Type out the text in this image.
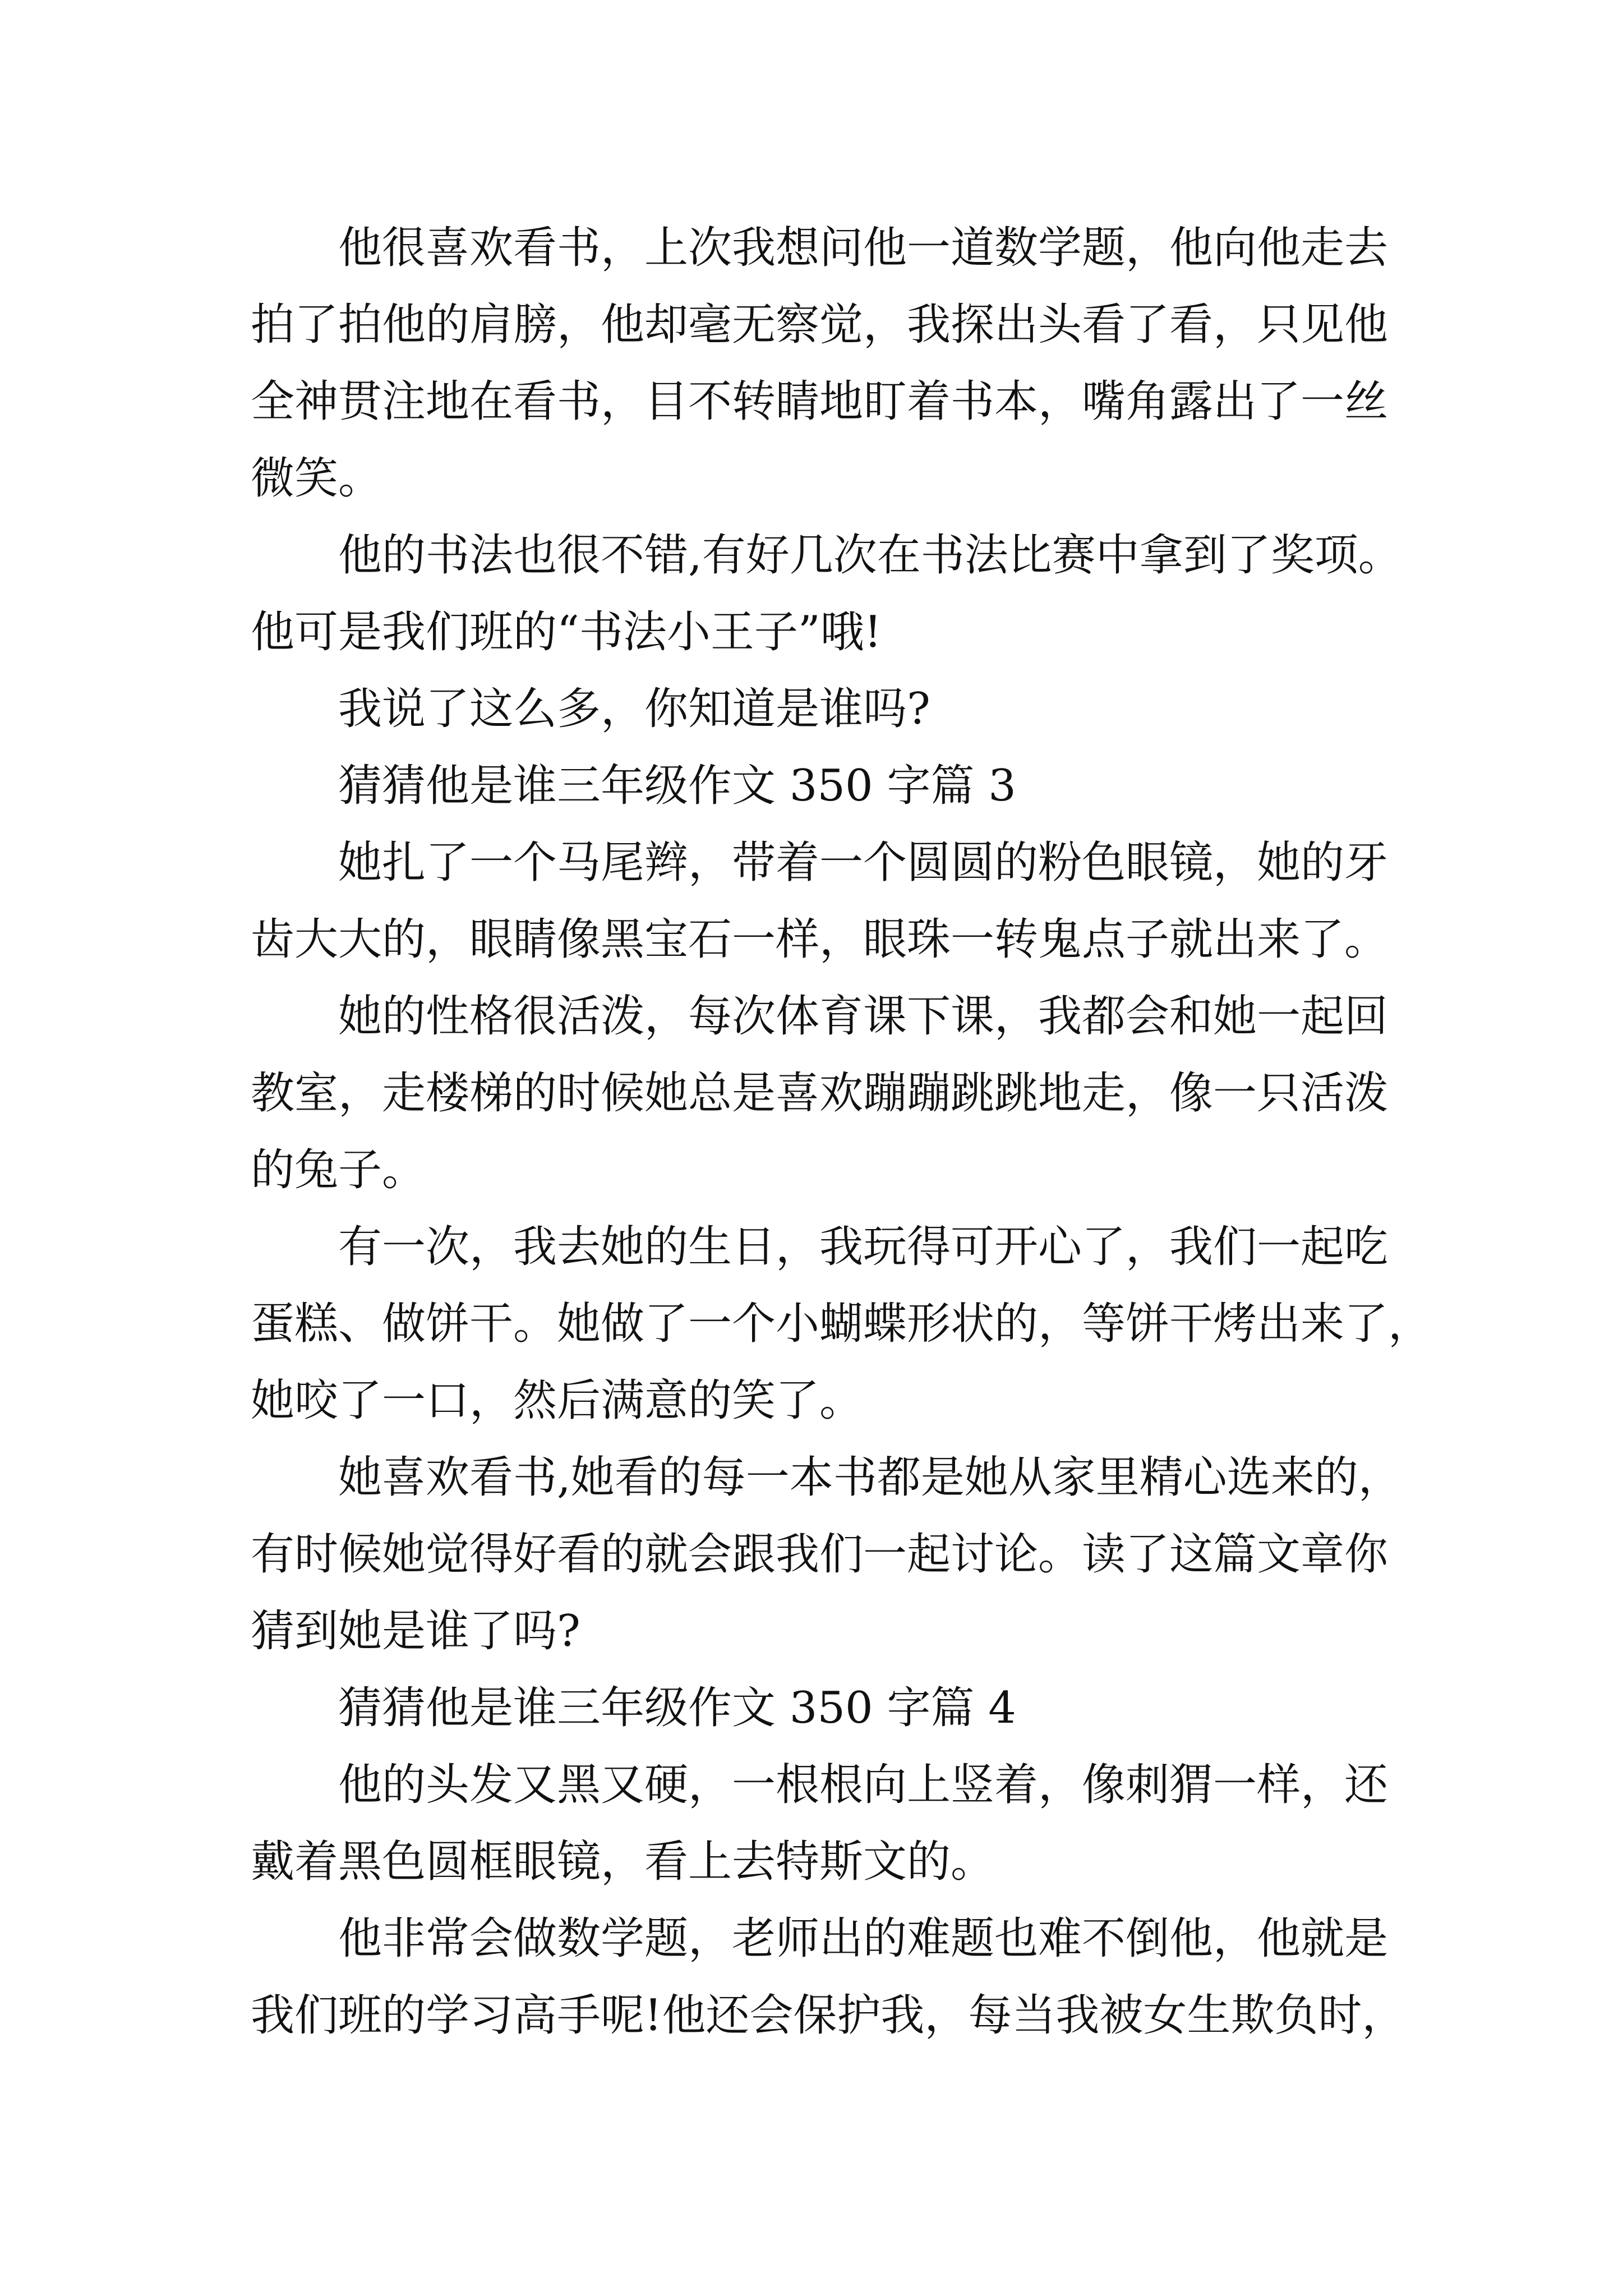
他很喜欢看书，上次我想问他一道数学题，他向他走去
拍了拍他的肩膀，他却毫无察觉，我探出头看了看，只见他
全神贯注地在看书，目不转睛地盯着书本，嘴角露出了一丝
微笑。
他的书法也很不错,有好几次在书法比赛中拿到了奖项。
他可是我们班的“书法小王子”哦!
我说了这么多，你知道是谁吗?
猜猜他是谁三年级作文 350 字篇 3
她扎了一个马尾辫，带着一个圆圆的粉色眼镜，她的牙
齿大大的，眼睛像黑宝石一样，眼珠一转鬼点子就出来了。
她的性格很活泼，每次体育课下课，我都会和她一起回
教室，走楼梯的时候她总是喜欢蹦蹦跳跳地走，像一只活泼
的兔子。
有一次，我去她的生日，我玩得可开心了，我们一起吃
蛋糕、做饼干。她做了一个小蝴蝶形状的，等饼干烤出来了，
她咬了一口，然后满意的笑了。
她喜欢看书,她看的每一本书都是她从家里精心选来的，
有时候她觉得好看的就会跟我们一起讨论。读了这篇文章你
猜到她是谁了吗?
猜猜他是谁三年级作文 350 字篇 4
他的头发又黑又硬，一根根向上竖着，像刺猬一样，还
戴着黑色圆框眼镜，看上去特斯文的。
他非常会做数学题，老师出的难题也难不倒他，他就是
我们班的学习高手呢!他还会保护我，每当我被女生欺负时，
